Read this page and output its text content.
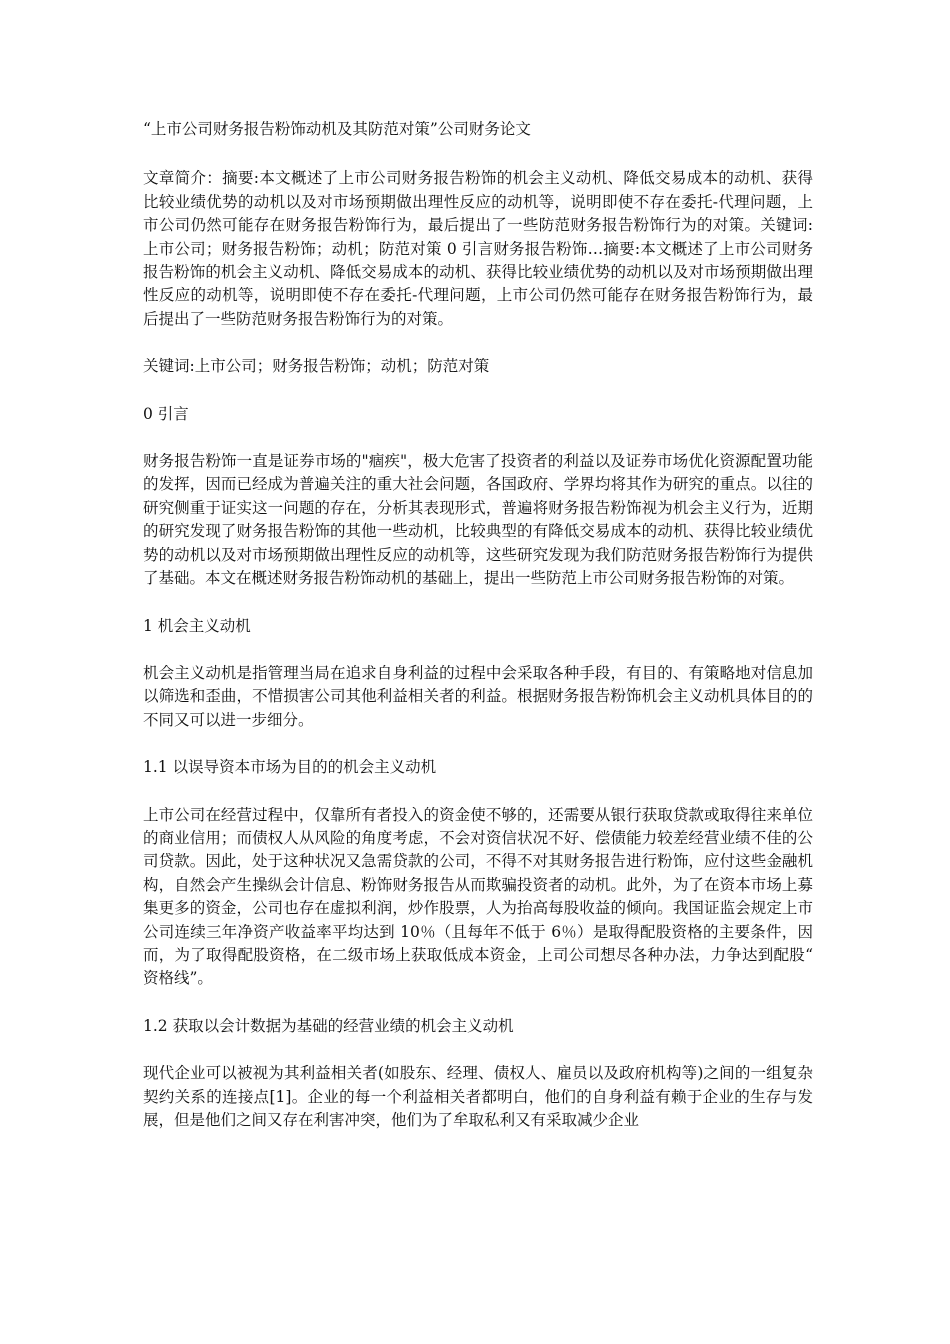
“上市公司财务报告粉饰动机及其防范对策”公司财务论文

文章简介：摘要:本文概述了上市公司财务报告粉饰的机会主义动机、降低交易成本的动机、获得比较业绩优势的动机以及对市场预期做出理性反应的动机等，说明即使不存在委托-代理问题，上市公司仍然可能存在财务报告粉饰行为，最后提出了一些防范财务报告粉饰行为的对策。关键词:上市公司；财务报告粉饰；动机；防范对策 0 引言财务报告粉饰…摘要:本文概述了上市公司财务报告粉饰的机会主义动机、降低交易成本的动机、获得比较业绩优势的动机以及对市场预期做出理性反应的动机等，说明即使不存在委托-代理问题，上市公司仍然可能存在财务报告粉饰行为，最后提出了一些防范财务报告粉饰行为的对策。

关键词:上市公司；财务报告粉饰；动机；防范对策

0 引言

财务报告粉饰一直是证券市场的"痼疾"，极大危害了投资者的利益以及证券市场优化资源配置功能的发挥，因而已经成为普遍关注的重大社会问题，各国政府、学界均将其作为研究的重点。以往的研究侧重于证实这一问题的存在，分析其表现形式，普遍将财务报告粉饰视为机会主义行为，近期的研究发现了财务报告粉饰的其他一些动机，比较典型的有降低交易成本的动机、获得比较业绩优势的动机以及对市场预期做出理性反应的动机等，这些研究发现为我们防范财务报告粉饰行为提供了基础。本文在概述财务报告粉饰动机的基础上，提出一些防范上市公司财务报告粉饰的对策。

1 机会主义动机

机会主义动机是指管理当局在追求自身利益的过程中会采取各种手段，有目的、有策略地对信息加以筛选和歪曲，不惜损害公司其他利益相关者的利益。根据财务报告粉饰机会主义动机具体目的的不同又可以进一步细分。

1.1 以误导资本市场为目的的机会主义动机

上市公司在经营过程中，仅靠所有者投入的资金使不够的，还需要从银行获取贷款或取得往来单位的商业信用；而债权人从风险的角度考虑，不会对资信状况不好、偿债能力较差经营业绩不佳的公司贷款。因此，处于这种状况又急需贷款的公司，不得不对其财务报告进行粉饰，应付这些金融机构，自然会产生操纵会计信息、粉饰财务报告从而欺骗投资者的动机。此外，为了在资本市场上募集更多的资金，公司也存在虚拟利润，炒作股票，人为抬高每股收益的倾向。我国证监会规定上市公司连续三年净资产收益率平均达到 10％（且每年不低于 6％）是取得配股资格的主要条件，因而，为了取得配股资格，在二级市场上获取低成本资金，上司公司想尽各种办法，力争达到配股“资格线”。

1.2 获取以会计数据为基础的经营业绩的机会主义动机

现代企业可以被视为其利益相关者(如股东、经理、债权人、雇员以及政府机构等)之间的一组复杂契约关系的连接点[1]。企业的每一个利益相关者都明白，他们的自身利益有赖于企业的生存与发展，但是他们之间又存在利害冲突，他们为了牟取私利又有采取减少企业
